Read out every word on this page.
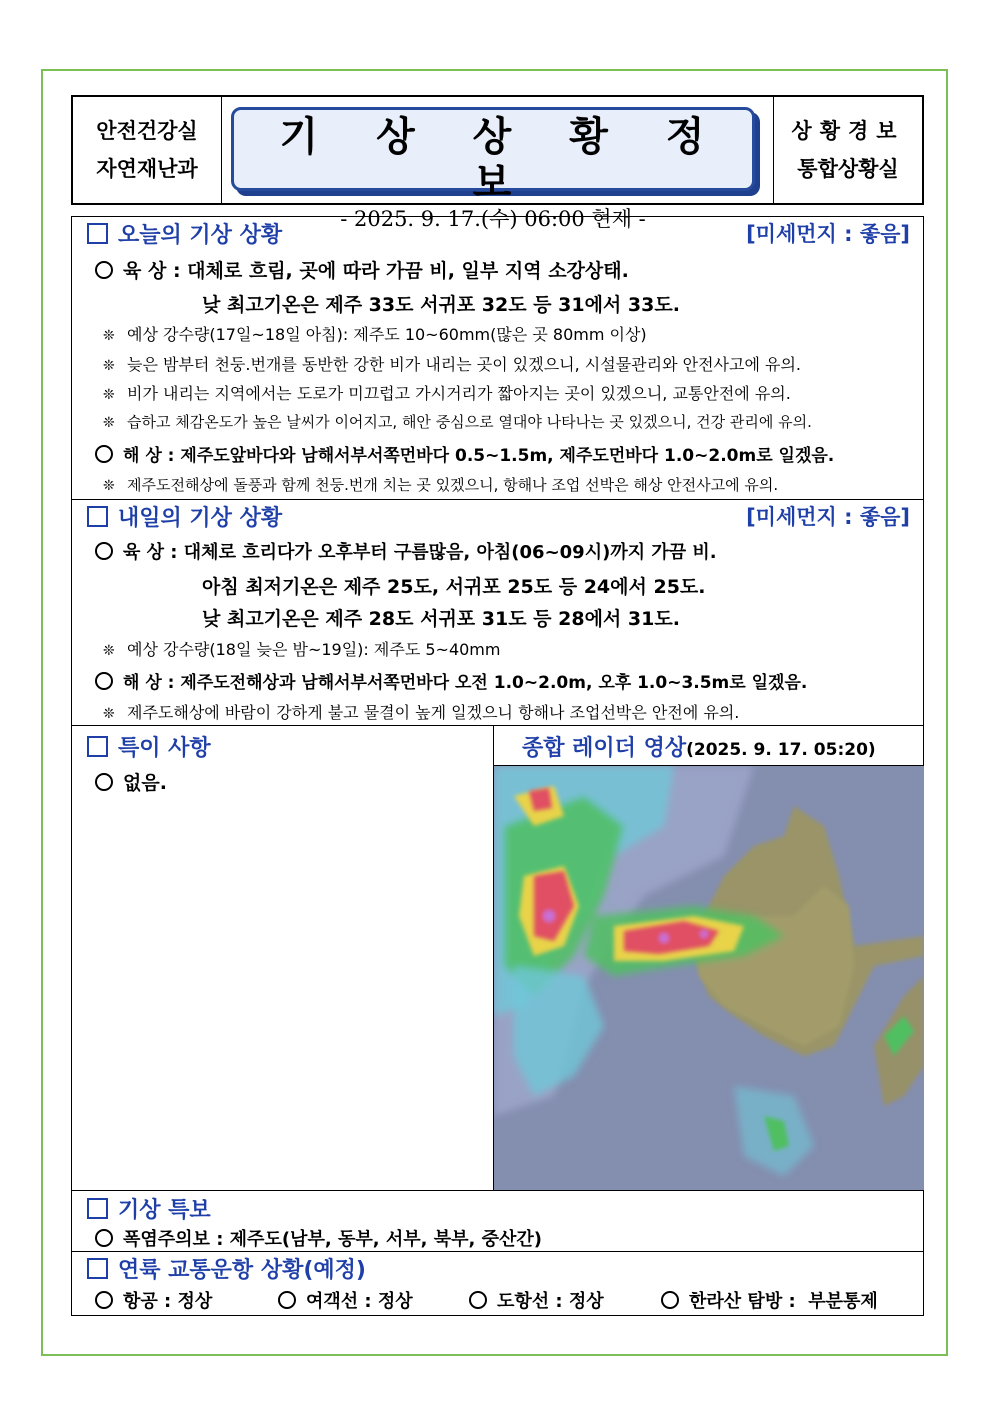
안전건강실
자연재난과
기 상 상 황 정 보
- 2025. 9. 17.(수) 06:00 현재 -
상황경보
통합상황실
오늘의 기상 상황	[미세먼지 : 좋음]
육 상 : 대체로 흐림, 곳에 따라 가끔 비, 일부 지역 소강상태.
낮 최고기온은 제주 33도 서귀포 32도 등 31에서 33도.
❊ 예상 강수량(17일~18일 아침): 제주도 10~60mm(많은 곳 80mm 이상)
❊ 늦은 밤부터 천둥.번개를 동반한 강한 비가 내리는 곳이 있겠으니, 시설물관리와 안전사고에 유의.
❊ 비가 내리는 지역에서는 도로가 미끄럽고 가시거리가 짧아지는 곳이 있겠으니, 교통안전에 유의.
❊ 습하고 체감온도가 높은 날씨가 이어지고, 해안 중심으로 열대야 나타나는 곳 있겠으니, 건강 관리에 유의.
해 상 : 제주도앞바다와 남해서부서쪽먼바다 0.5~1.5m, 제주도먼바다 1.0~2.0m로 일겠음.
❊ 제주도전해상에 돌풍과 함께 천둥.번개 치는 곳 있겠으니, 항해나 조업 선박은 해상 안전사고에 유의.
내일의 기상 상황	[미세먼지 : 좋음]
육 상 : 대체로 흐리다가 오후부터 구름많음, 아침(06~09시)까지 가끔 비.
아침 최저기온은 제주 25도, 서귀포 25도 등 24에서 25도.
낮 최고기온은 제주 28도 서귀포 31도 등 28에서 31도.
❊ 예상 강수량(18일 늦은 밤~19일): 제주도 5~40mm
해 상 : 제주도전해상과 남해서부서쪽먼바다 오전 1.0~2.0m, 오후 1.0~3.5m로 일겠음.
❊ 제주도해상에 바람이 강하게 불고 물결이 높게 일겠으니 항해나 조업선박은 안전에 유의.
특이 사항
없음.
종합 레이더 영상(2025. 9. 17. 05:20)
기상 특보
폭염주의보 : 제주도(남부, 동부, 서부, 북부, 중산간)
연륙 교통운항 상황(예정)
항공 : 정상	여객선 : 정상	도항선 : 정상	한라산 탐방 :  부분통제
